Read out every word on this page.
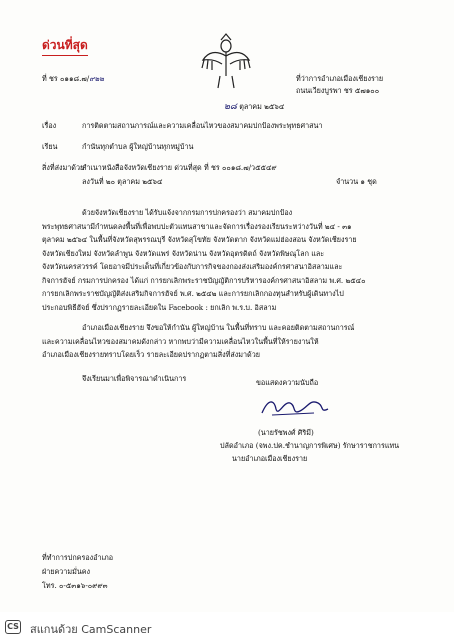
ด่วนที่สุด
ที่ ชร ๐๑๑๘.๗/๙๒๒	ที่ว่าการอำเภอเมืองเชียงราย
ถนนเวียงบูรพา ชร ๕๗๑๐๐
๒๘ ตุลาคม ๒๕๖๔
เรื่อง	การติดตามสถานการณ์และความเคลื่อนไหวของสมาคมปกป้องพระพุทธศาสนา
เรียน	กำนันทุกตำบล ผู้ใหญ่บ้านทุกหมู่บ้าน
สิ่งที่ส่งมาด้วย
สำเนาหนังสือจังหวัดเชียงราย ด่วนที่สุด ที่ ชร ๐๐๑๘.๗/ว๕๕๔๙
ลงวันที่ ๒๐ ตุลาคม ๒๕๖๔	จำนวน ๑ ชุด
ด้วยจังหวัดเชียงราย ได้รับแจ้งจากกรมการปกครองว่า สมาคมปกป้อง
พระพุทธศาสนามีกำหนดลงพื้นที่เพื่อพบปะตัวแทนสาขาและจัดการเรื่องรองเรียนระหว่างวันที่ ๒๔ - ๓๑
ตุลาคม ๒๕๖๔ ในพื้นที่จังหวัดสุพรรณบุรี จังหวัดสุโขทัย จังหวัดตาก จังหวัดแม่ฮ่องสอน จังหวัดเชียงราย
จังหวัดเชียงใหม่ จังหวัดลำพูน จังหวัดแพร่ จังหวัดน่าน จังหวัดอุตรดิตถ์ จังหวัดพิษณุโลก และ
จังหวัดนครสวรรค์ โดยอาจมีประเด็นที่เกี่ยวข้องกับการกิจของกองส่งเสริมองค์กรศาสนาอิสลามและ
กิจการฮัจย์ กรมการปกครอง ได้แก่ การยกเลิกพระราชบัญญัติการบริหารองค์กรศาสนาอิสลาม พ.ศ. ๒๕๔๐
การยกเลิกพระราชบัญญัติส่งเสริมกิจการฮัจย์ พ.ศ. ๒๕๔๒ และการยกเลิกกองทุนสำหรับผู้เดินทางไป
ประกอบพิธีฮัจย์ ซึ่งปรากฏรายละเอียดใน Facebook : ยกเลิก พ.ร.บ. อิสลาม
อำเภอเมืองเชียงราย จึงขอให้กำนัน ผู้ใหญ่บ้าน ในพื้นที่ทราบ และคอยติดตามสถานการณ์
และความเคลื่อนไหวของสมาคมดังกล่าว หากพบว่ามีความเคลื่อนไหวในพื้นที่ให้รายงานให้
อำเภอเมืองเชียงรายทราบโดยเร็ว รายละเอียดปรากฏตามสิ่งที่ส่งมาด้วย
จึงเรียนมาเพื่อพิจารณาดำเนินการ	ขอแสดงความนับถือ
(นายรัชพงศ์ ศิริมี)
ปลัดอำเภอ (จพง.ปค.ชำนาญการพิเศษ) รักษาราชการแทน
นายอำเภอเมืองเชียงราย
ที่ทำการปกครองอำเภอ
ฝ่ายความมั่นคง
โทร. ๐-๕๓๑๖-๐๙๙๓
CS สแกนด้วย CamScanner
